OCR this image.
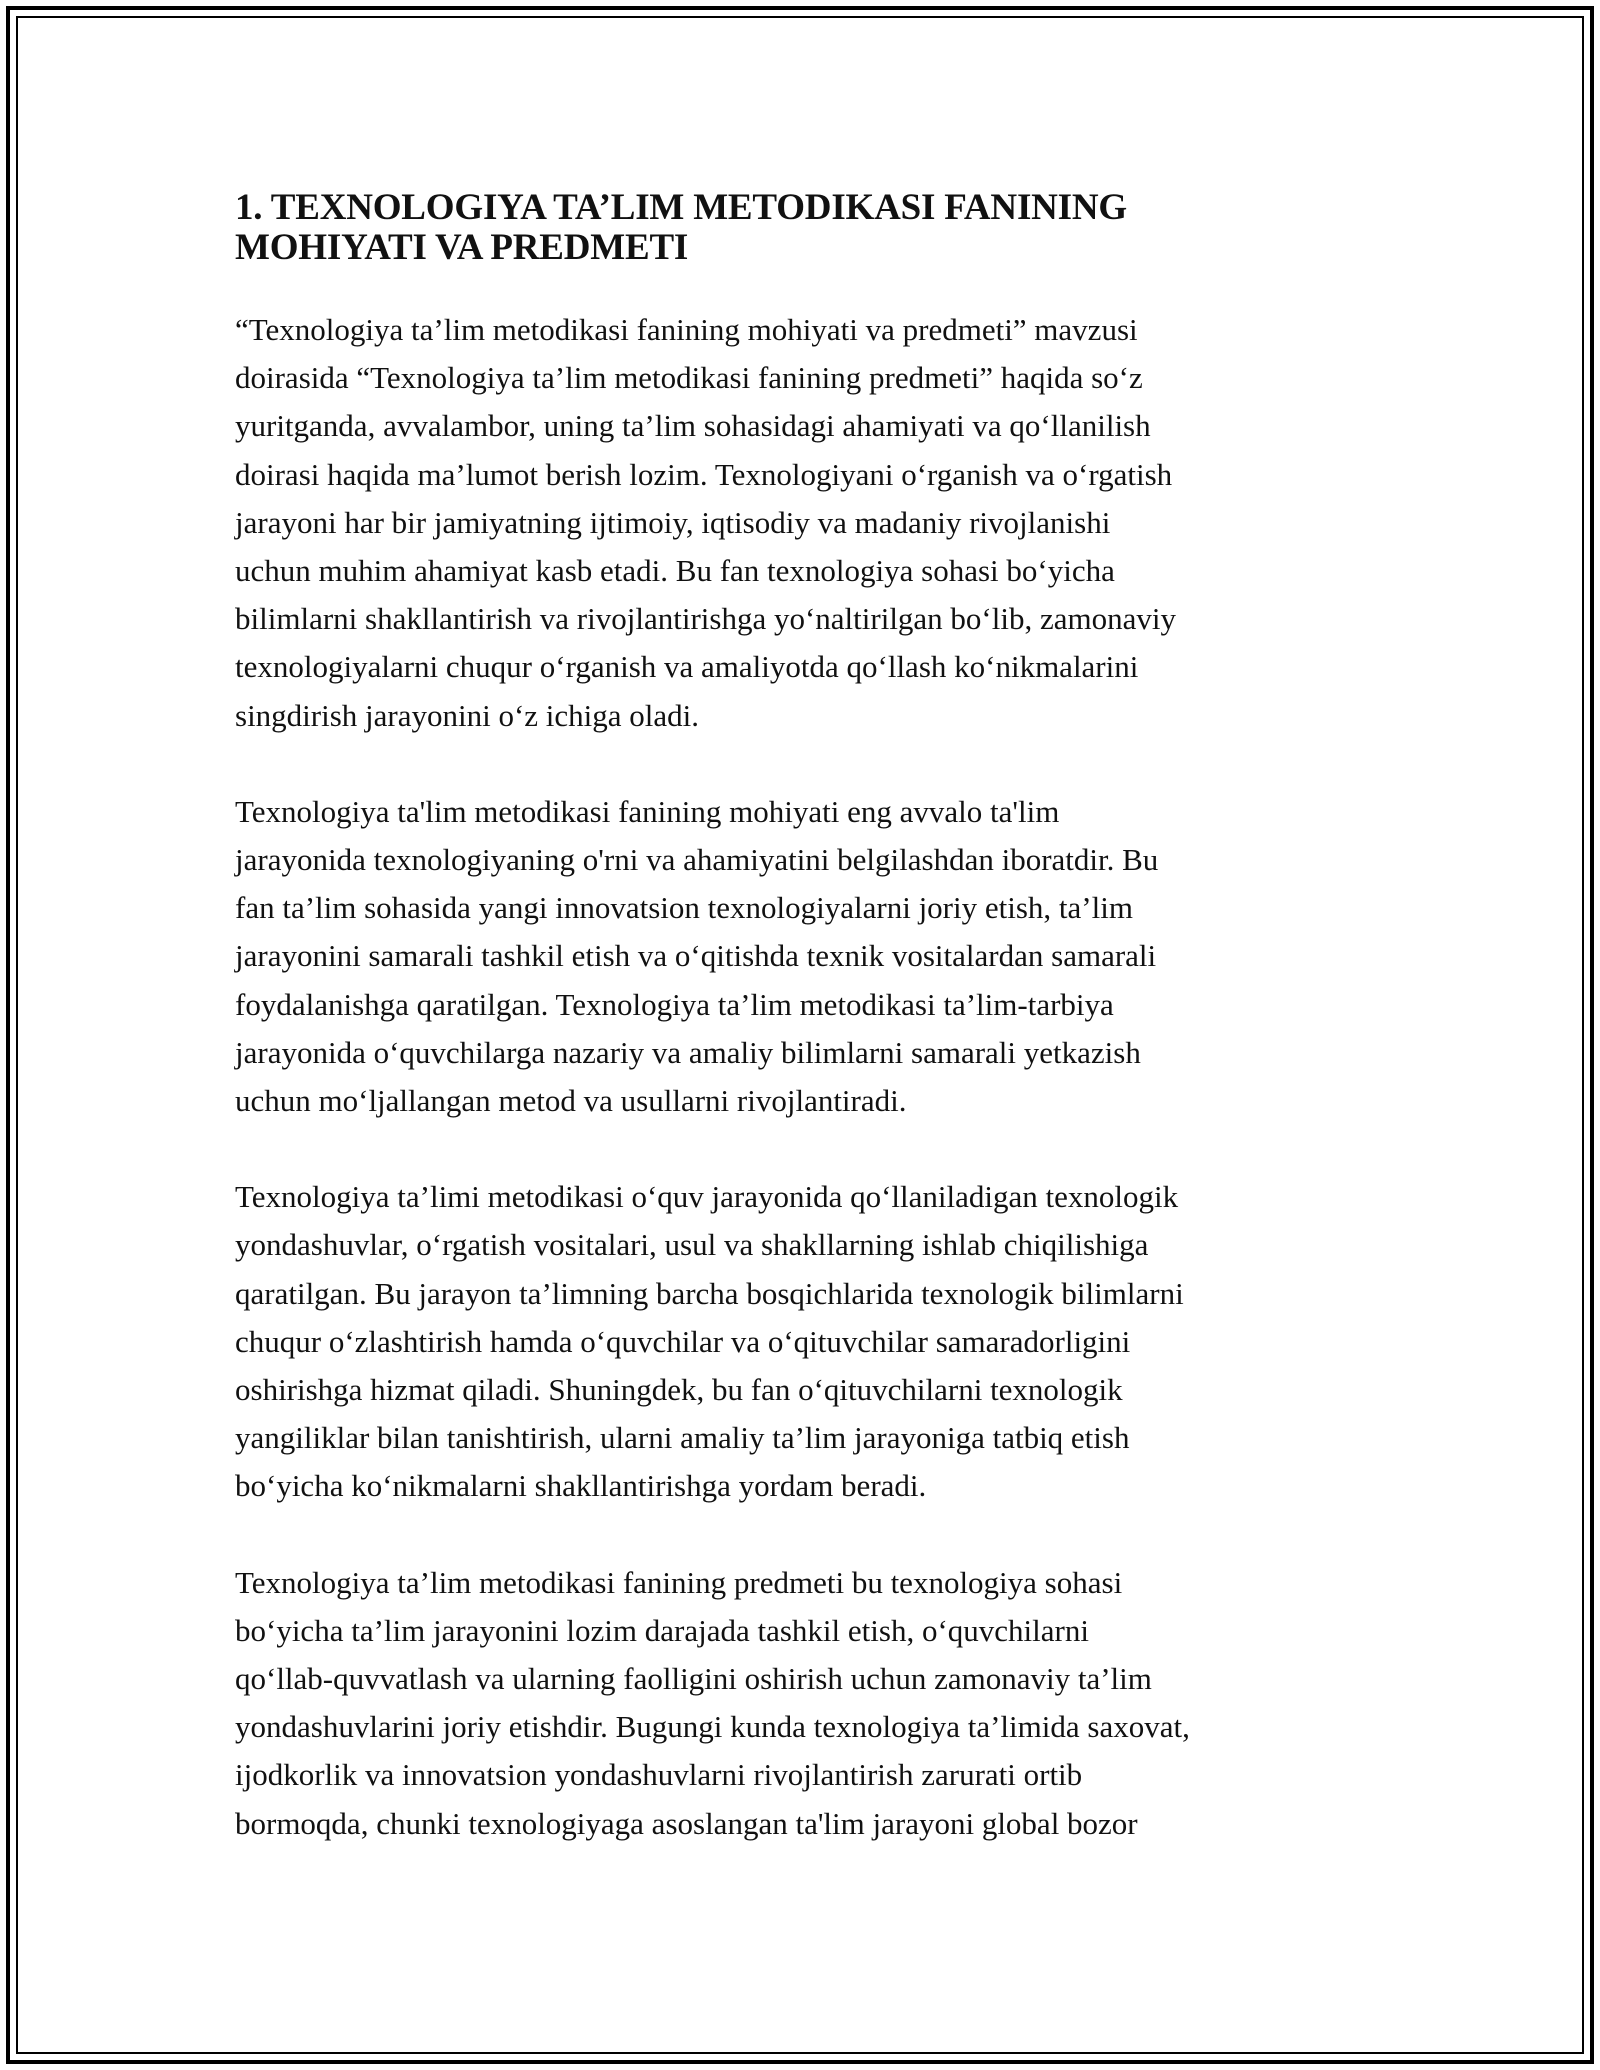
1. TEXNOLOGIYA TA’LIM METODIKASI FANINING
MOHIYATI VA PREDMETI

“Texnologiya ta’lim metodikasi fanining mohiyati va predmeti” mavzusi
doirasida “Texnologiya ta’lim metodikasi fanining predmeti” haqida so‘z
yuritganda, avvalambor, uning ta’lim sohasidagi ahamiyati va qo‘llanilish
doirasi haqida ma’lumot berish lozim. Texnologiyani o‘rganish va o‘rgatish
jarayoni har bir jamiyatning ijtimoiy, iqtisodiy va madaniy rivojlanishi
uchun muhim ahamiyat kasb etadi. Bu fan texnologiya sohasi bo‘yicha
bilimlarni shakllantirish va rivojlantirishga yo‘naltirilgan bo‘lib, zamonaviy
texnologiyalarni chuqur o‘rganish va amaliyotda qo‘llash ko‘nikmalarini
singdirish jarayonini o‘z ichiga oladi.

Texnologiya ta'lim metodikasi fanining mohiyati eng avvalo ta'lim
jarayonida texnologiyaning o'rni va ahamiyatini belgilashdan iboratdir. Bu
fan ta’lim sohasida yangi innovatsion texnologiyalarni joriy etish, ta’lim
jarayonini samarali tashkil etish va o‘qitishda texnik vositalardan samarali
foydalanishga qaratilgan. Texnologiya ta’lim metodikasi ta’lim-tarbiya
jarayonida o‘quvchilarga nazariy va amaliy bilimlarni samarali yetkazish
uchun mo‘ljallangan metod va usullarni rivojlantiradi.

Texnologiya ta’limi metodikasi o‘quv jarayonida qo‘llaniladigan texnologik
yondashuvlar, o‘rgatish vositalari, usul va shakllarning ishlab chiqilishiga
qaratilgan. Bu jarayon ta’limning barcha bosqichlarida texnologik bilimlarni
chuqur o‘zlashtirish hamda o‘quvchilar va o‘qituvchilar samaradorligini
oshirishga hizmat qiladi. Shuningdek, bu fan o‘qituvchilarni texnologik
yangiliklar bilan tanishtirish, ularni amaliy ta’lim jarayoniga tatbiq etish
bo‘yicha ko‘nikmalarni shakllantirishga yordam beradi.

Texnologiya ta’lim metodikasi fanining predmeti bu texnologiya sohasi
bo‘yicha ta’lim jarayonini lozim darajada tashkil etish, o‘quvchilarni
qo‘llab-quvvatlash va ularning faolligini oshirish uchun zamonaviy ta’lim
yondashuvlarini joriy etishdir. Bugungi kunda texnologiya ta’limida saxovat,
ijodkorlik va innovatsion yondashuvlarni rivojlantirish zarurati ortib
bormoqda, chunki texnologiyaga asoslangan ta'lim jarayoni global bozor
